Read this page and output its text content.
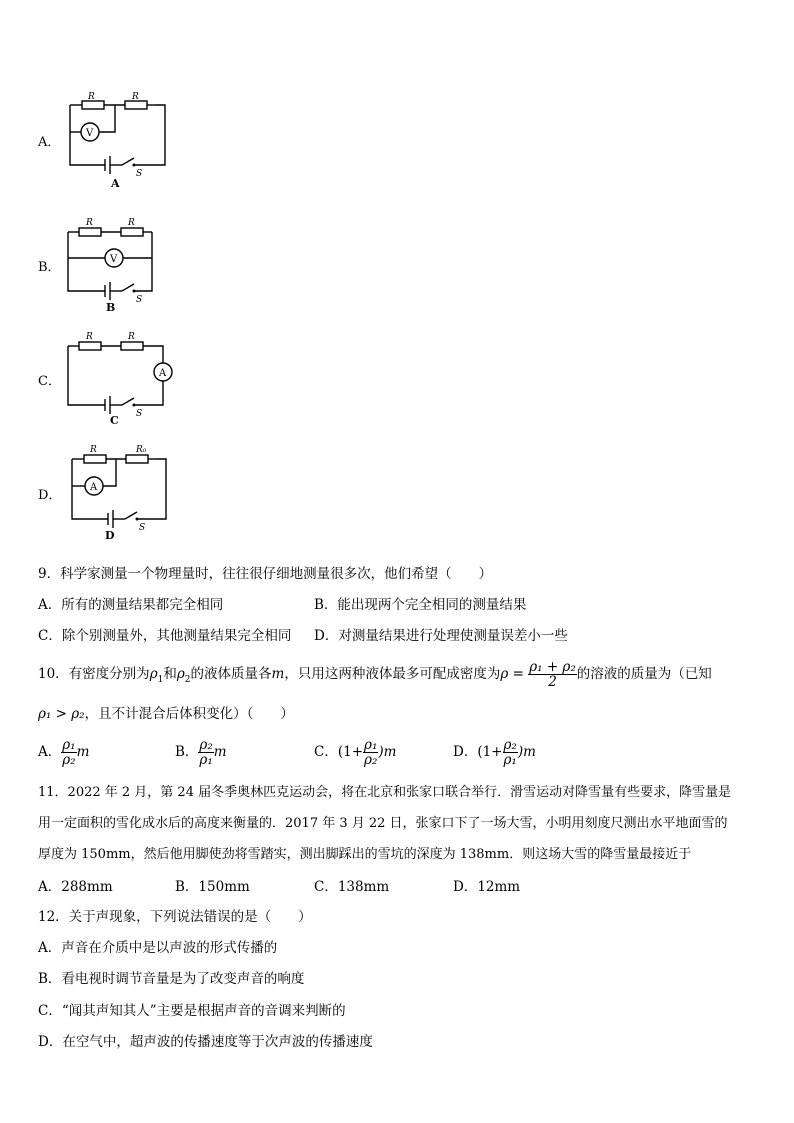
A．
R	R
V
A
S
B．
R	R
V
B
S
C．
R	R
A
C S
D．
R	R₀
A
D
S
9．科学家测量一个物理量时，往往很仔细地测量很多次，他们希望（　　）
A．所有的测量结果都完全相同	B．能出现两个完全相同的测量结果
C．除个别测量外，其他测量结果完全相同 D．对测量结果进行处理使测量误差小一些
10．有密度分别为$\rho_1$和$\rho_2$的液体质量各m，只用这两种液体最多可配成密度为$\rho = \frac{\text{ρ₁ + ρ₂}}{2}$ 的溶液的质量为（已知
ρ₁ > ρ₂，且不计混合后体积变化）（　　）
A． $\frac{\text{ρ₁}}{\text{ρ₂}}$ m	B． $\frac{\text{ρ₂}}{\text{ρ₁}}$ m	C．$(1+ \frac{\text{ρ₁}}{\text{ρ₂}} )m$	D．$(1+ \frac{\text{ρ₂}}{\text{ρ₁}} )m$
11．2022 年 2 月，第 24 届冬季奥林匹克运动会，将在北京和张家口联合举行．滑雪运动对降雪量有些要求，降雪量是
用一定面积的雪化成水后的高度来衡量的．2017 年 3 月 22 日，张家口下了一场大雪，小明用刻度尺测出水平地面雪的
厚度为 150mm，然后他用脚使劲将雪踏实，测出脚踩出的雪坑的深度为 138mm．则这场大雪的降雪量最接近于
A．288mm	B．150mm	C．138mm	D．12mm
12．关于声现象，下列说法错误的是（　　）
A．声音在介质中是以声波的形式传播的
B．看电视时调节音量是为了改变声音的响度
C．“闻其声知其人”主要是根据声音的音调来判断的
D．在空气中，超声波的传播速度等于次声波的传播速度
